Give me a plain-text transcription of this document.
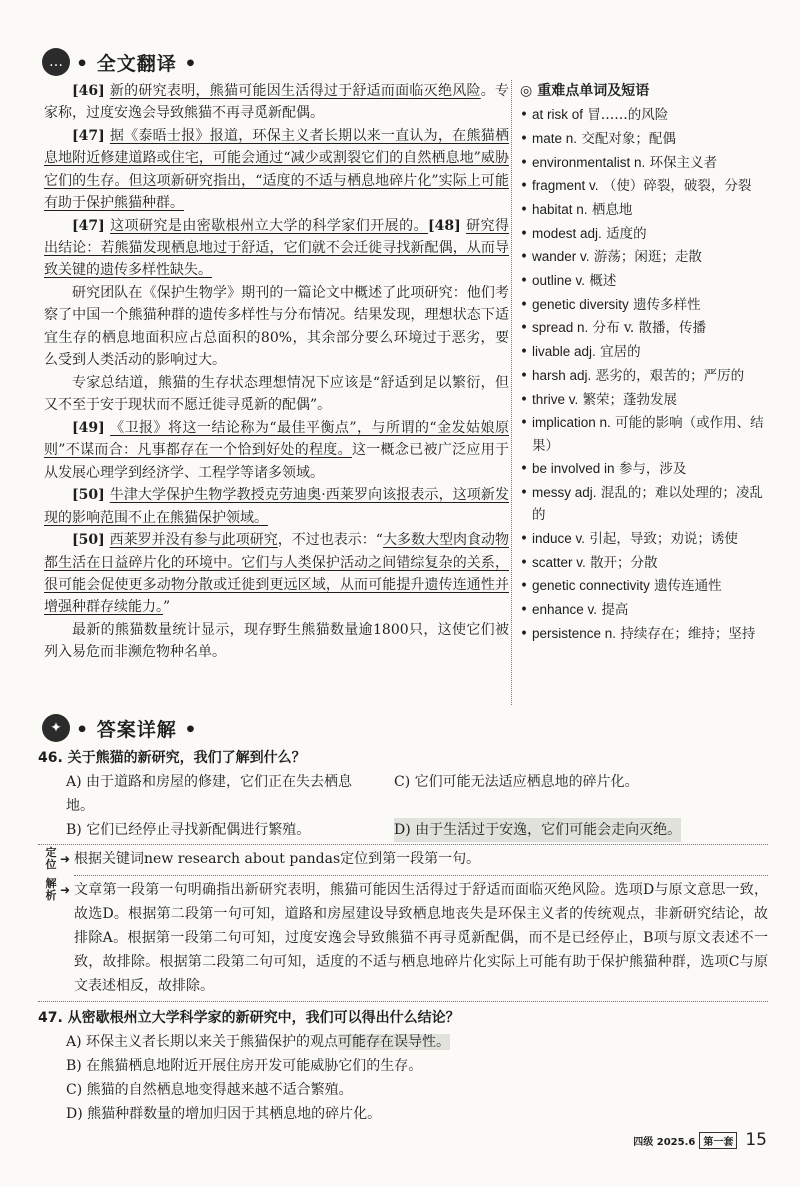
… • 全文翻译 •

[46] 新的研究表明，熊猫可能因生活得过于舒适而面临灭绝风险。专家称，过度安逸会导致熊猫不再寻觅新配偶。

[47] 据《泰晤士报》报道，环保主义者长期以来一直认为，在熊猫栖息地附近修建道路或住宅，可能会通过“减少或割裂它们的自然栖息地”威胁它们的生存。但这项新研究指出，“适度的不适与栖息地碎片化”实际上可能有助于保护熊猫种群。

[47] 这项研究是由密歇根州立大学的科学家们开展的。[48] 研究得出结论：若熊猫发现栖息地过于舒适，它们就不会迁徙寻找新配偶，从而导致关键的遗传多样性缺失。

研究团队在《保护生物学》期刊的一篇论文中概述了此项研究：他们考察了中国一个熊猫种群的遗传多样性与分布情况。结果发现，理想状态下适宜生存的栖息地面积应占总面积的80%，其余部分要么环境过于恶劣，要么受到人类活动的影响过大。

专家总结道，熊猫的生存状态理想情况下应该是“舒适到足以繁衍，但又不至于安于现状而不愿迁徙寻觅新的配偶”。

[49] 《卫报》将这一结论称为“最佳平衡点”，与所谓的“金发姑娘原则”不谋而合：凡事都存在一个恰到好处的程度。这一概念已被广泛应用于从发展心理学到经济学、工程学等诸多领域。

[50] 牛津大学保护生物学教授克劳迪奥·西莱罗向该报表示，这项新发现的影响范围不止在熊猫保护领域。

[50] 西莱罗并没有参与此项研究，不过也表示：“大多数大型肉食动物都生活在日益碎片化的环境中。它们与人类保护活动之间错综复杂的关系，很可能会促使更多动物分散或迁徙到更远区域，从而可能提升遗传连通性并增强种群存续能力。”

最新的熊猫数量统计显示，现存野生熊猫数量逾1800只，这使它们被列入易危而非濒危物种名单。

◎ 重难点单词及短语
• at risk of 冒……的风险
• mate n. 交配对象；配偶
• environmentalist n. 环保主义者
• fragment v. （使）碎裂，破裂，分裂
• habitat n. 栖息地
• modest adj. 适度的
• wander v. 游荡；闲逛；走散
• outline v. 概述
• genetic diversity 遗传多样性
• spread n. 分布 v. 散播，传播
• livable adj. 宜居的
• harsh adj. 恶劣的，艰苦的；严厉的
• thrive v. 繁荣；蓬勃发展
• implication n. 可能的影响（或作用、结果）
• be involved in 参与，涉及
• messy adj. 混乱的；难以处理的；凌乱的
• induce v. 引起，导致；劝说；诱使
• scatter v. 散开；分散
• genetic connectivity 遗传连通性
• enhance v. 提高
• persistence n. 持续存在；维持；坚持
✦ • 答案详解 •
46. 关于熊猫的新研究，我们了解到什么？
A) 由于道路和房屋的修建，它们正在失去栖息地。
C) 它们可能无法适应栖息地的碎片化。
B) 它们已经停止寻找新配偶进行繁殖。	D) 由于生活过于安逸，它们可能会走向灭绝。
定位 ➜ 根据关键词new research about pandas定位到第一段第一句。
解析 ➜ 文章第一段第一句明确指出新研究表明，熊猫可能因生活得过于舒适而面临灭绝风险。选项D与原文意思一致，故选D。根据第二段第一句可知，道路和房屋建设导致栖息地丧失是环保主义者的传统观点，非新研究结论，故排除A。根据第一段第二句可知，过度安逸会导致熊猫不再寻觅新配偶，而不是已经停止，B项与原文表述不一致，故排除。根据第二段第二句可知，适度的不适与栖息地碎片化实际上可能有助于保护熊猫种群，选项C与原文表述相反，故排除。
47. 从密歇根州立大学科学家的新研究中，我们可以得出什么结论？
A) 环保主义者长期以来关于熊猫保护的观点可能存在误导性。
B) 在熊猫栖息地附近开展住房开发可能威胁它们的生存。
C) 熊猫的自然栖息地变得越来越不适合繁殖。
D) 熊猫种群数量的增加归因于其栖息地的碎片化。
四级 2025.6 第一套 15
